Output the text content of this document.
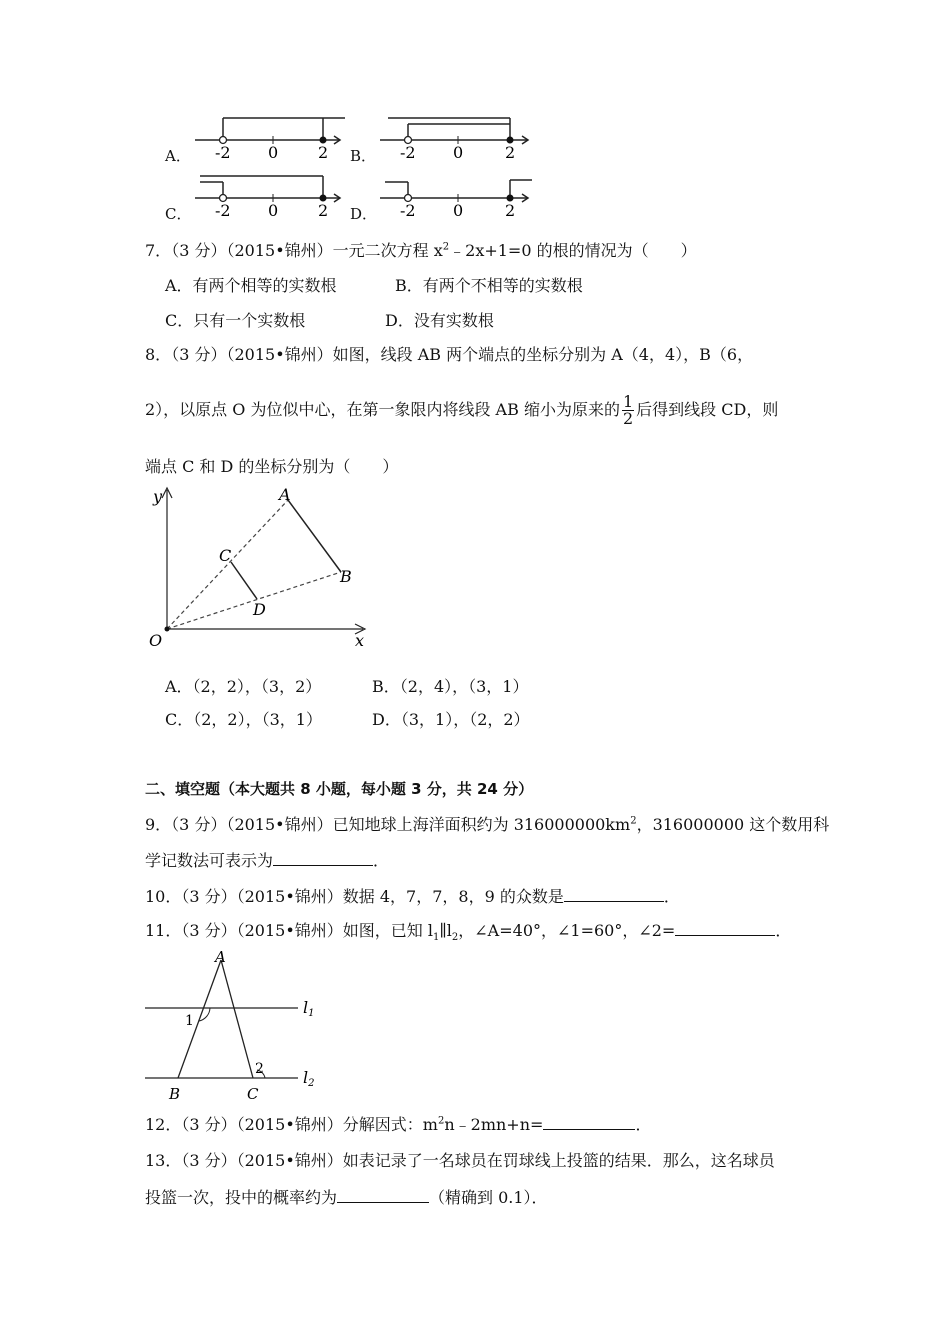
A． -2 0 2 B． -2 0	2
C． -2 0 2 D． -2 0	2
7．（3 分）（2015•锦州）一元二次方程 $x^2﹣2x+1=0$ 的根的情况为（　　）
A．有两个相等的实数根	B．有两个不相等的实数根
C．只有一个实数根	D．没有实数根
8．（3 分）（2015•锦州）如图，线段 AB 两个端点的坐标分别为 A（4，4），B（6，
2），以原点 O 为位似中心，在第一象限内将线段 AB 缩小为原来的 $\frac{1}{2}$ 后得到线段 CD，则
端点 C 和 D 的坐标分别为（　　）
y
x
O
A
B
C
D
A．（2，2），（3，2）	B．（2，4），（3，1）
C．（2，2），（3，1）	D．（3，1），（2，2）
二、填空题（本大题共 8 小题，每小题 3 分，共 24 分）
9．（3 分）（2015•锦州）已知地球上海洋面积约为 $316000000km^2$，316000000 这个数用科
学记数法可表示为	．
10．（3 分）（2015•锦州）数据 4，7，7，8，9 的众数是	．
11．（3 分）（2015•锦州）如图，已知 $l_1\parallel l_2$，∠A=40°，∠1=60°，∠2=	．
A
B	C
1
2
l1
l2
12．（3 分）（2015•锦州）分解因式：$m^2n﹣2mn+n=$	．
13．（3 分）（2015•锦州）如表记录了一名球员在罚球线上投篮的结果．那么，这名球员
投篮一次，投中的概率约为	（精确到 0.1）．
